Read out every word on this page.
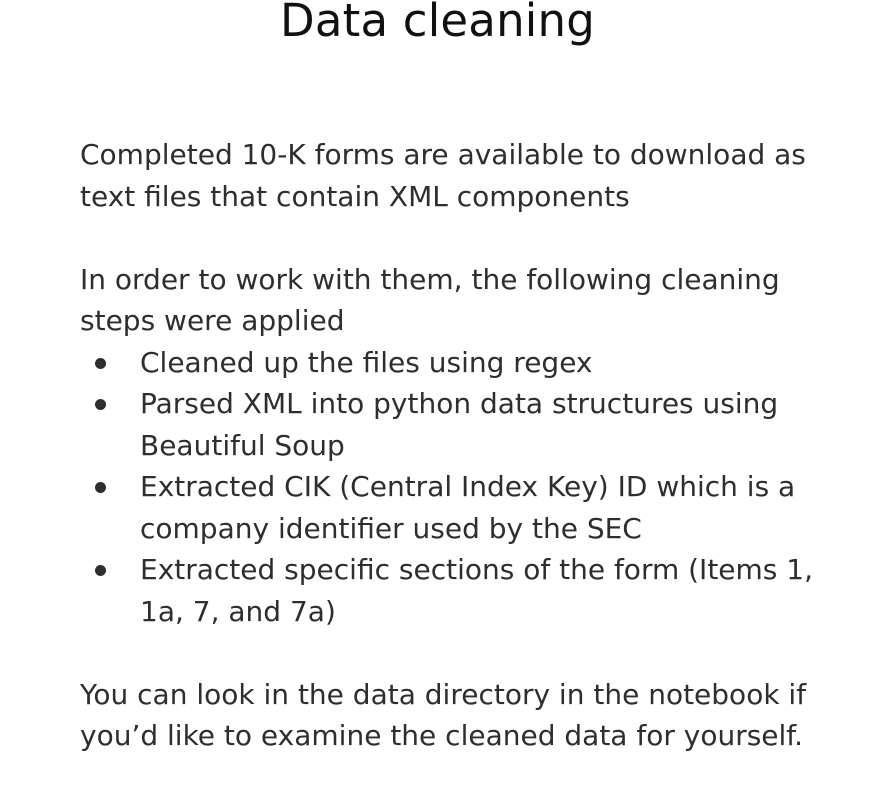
Data cleaning

Completed 10-K forms are available to download as text files that contain XML components

In order to work with them, the following cleaning steps were applied

Cleaned up the files using regex
Parsed XML into python data structures using Beautiful Soup
Extracted CIK (Central Index Key) ID which is a company identifier used by the SEC
Extracted specific sections of the form (Items 1, 1a, 7, and 7a)

You can look in the data directory in the notebook if you’d like to examine the cleaned data for yourself.
